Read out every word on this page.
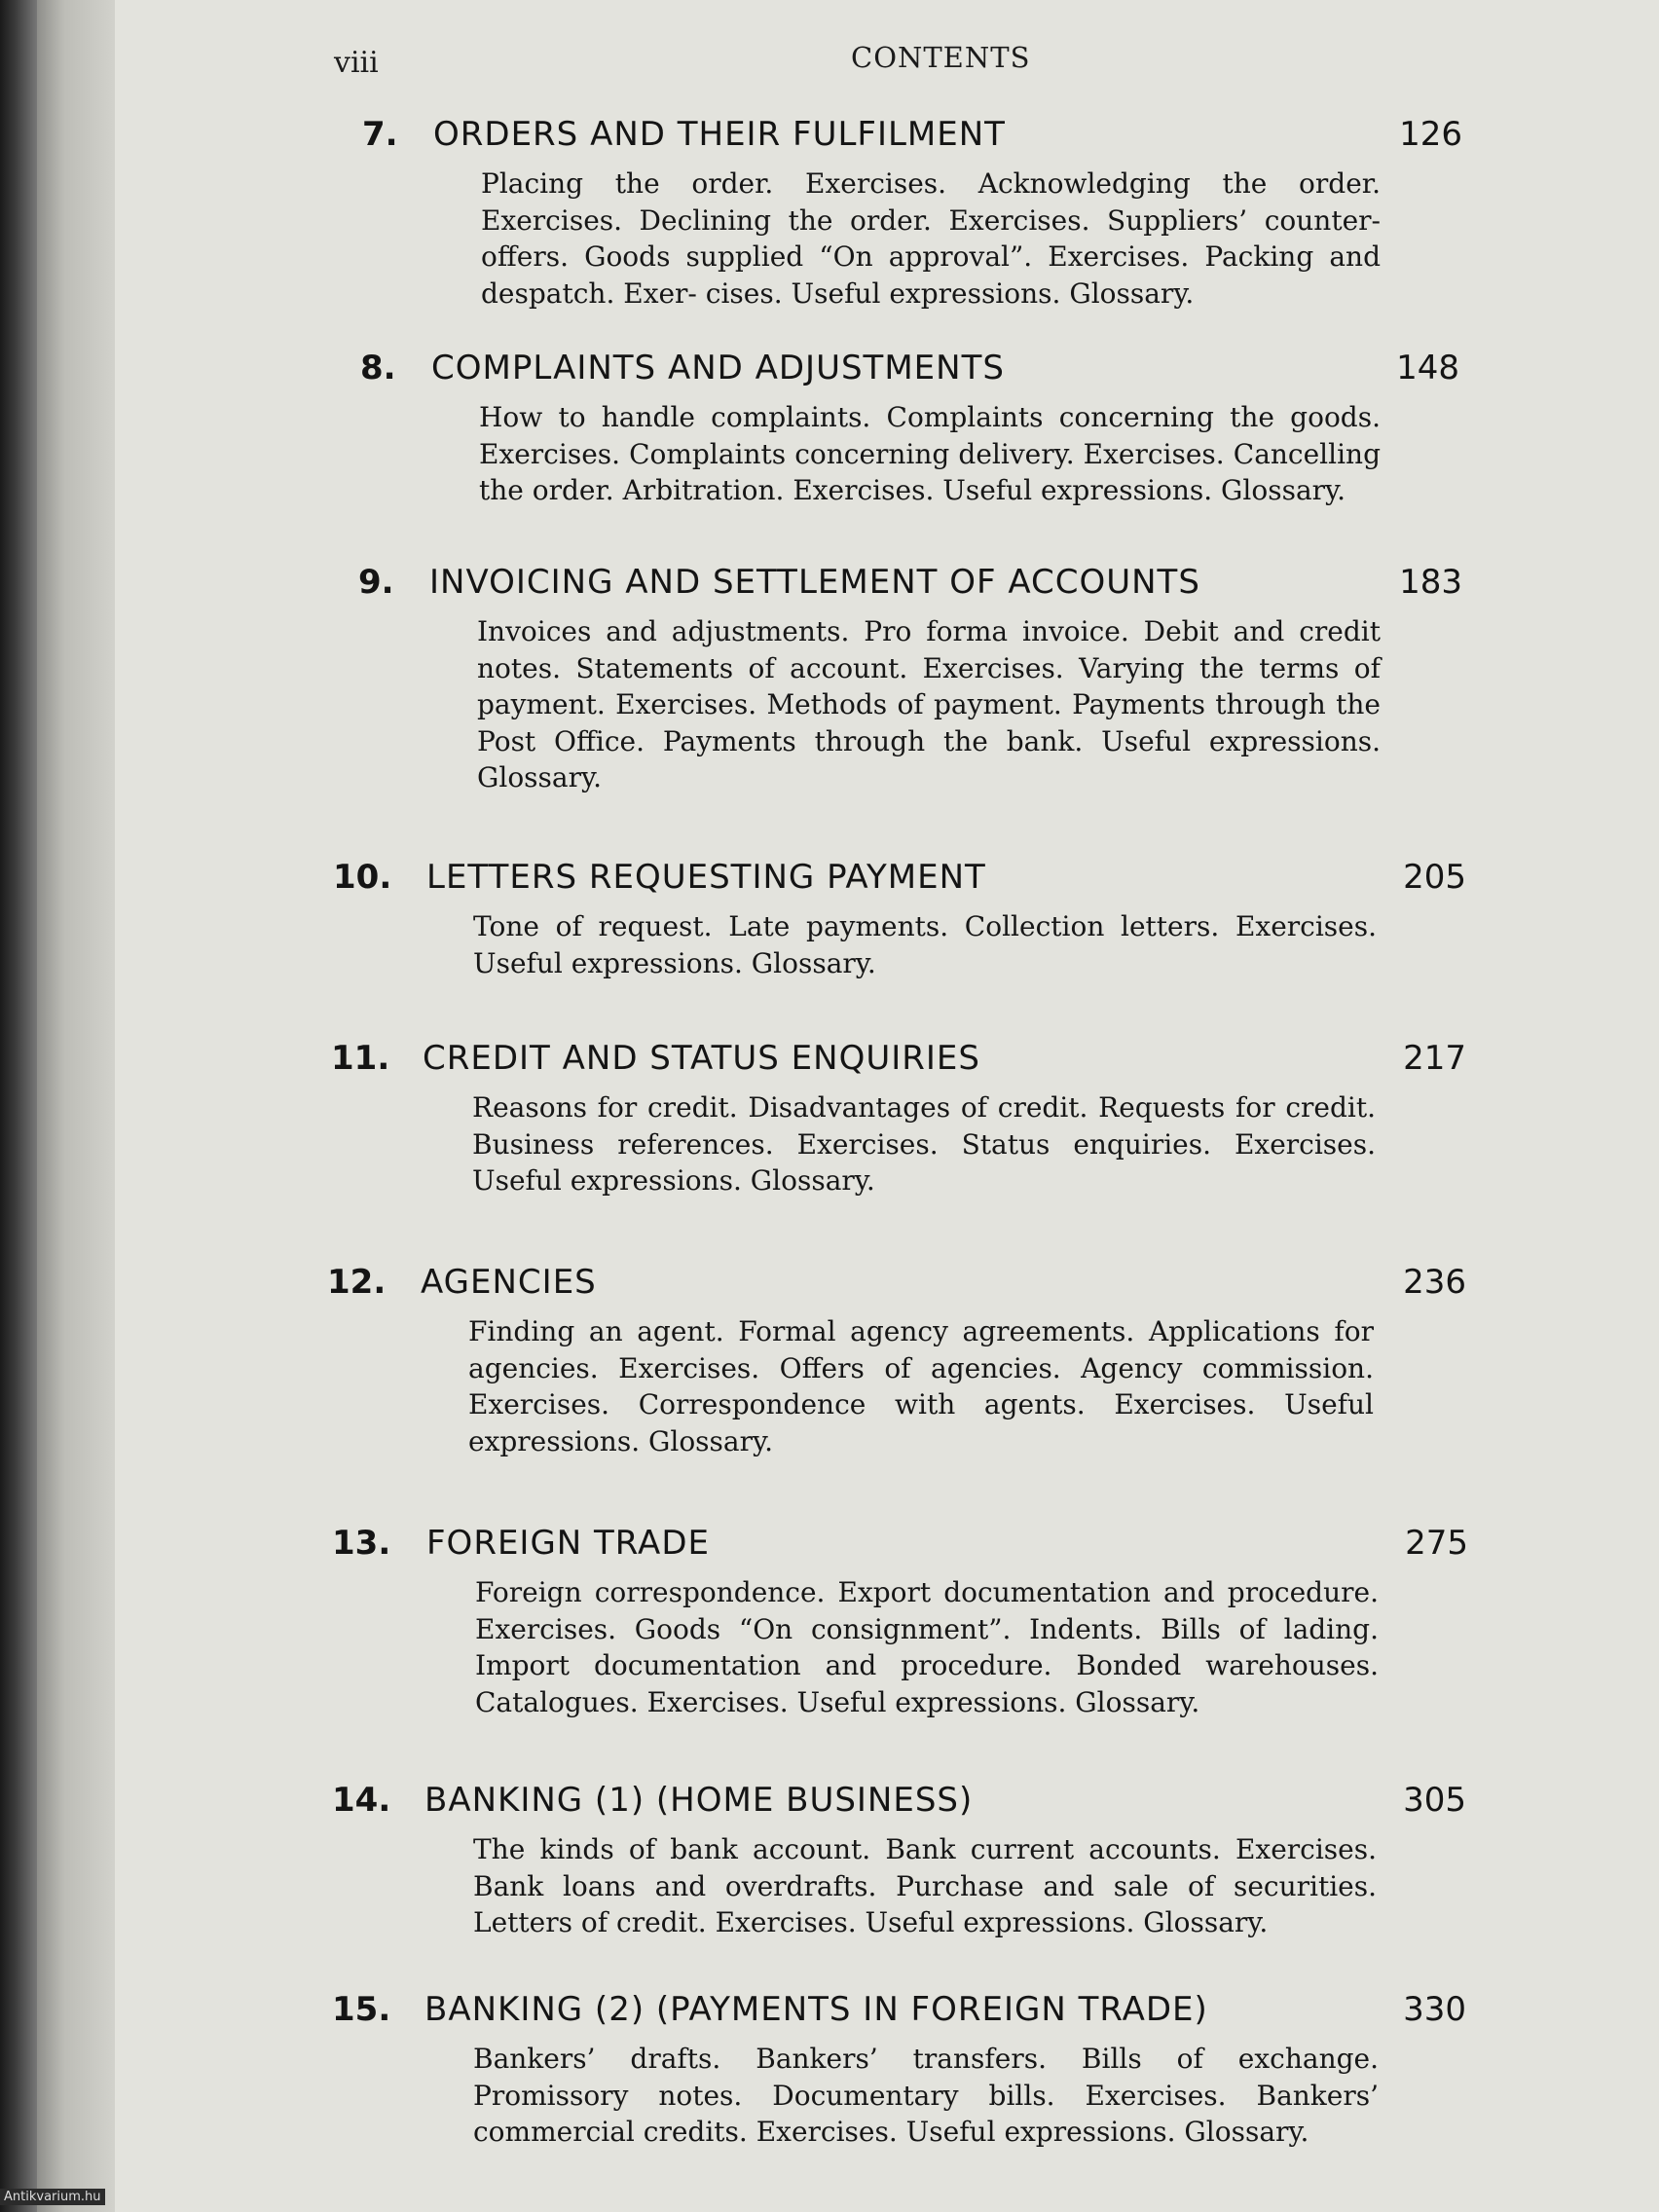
viii	CONTENTS
7. ORDERS AND THEIR FULFILMENT	126
Placing the order. Exercises. Acknowledging the order. Exercises. Declining the order. Exercises. Suppliers’ counter-offers. Goods supplied “On approval”. Exercises. Packing and despatch. Exer- cises. Useful expressions. Glossary.
8. COMPLAINTS AND ADJUSTMENTS	148
How to handle complaints. Complaints concerning the goods. Exercises. Complaints concerning delivery. Exercises. Cancelling the order. Arbitration. Exercises. Useful expressions. Glossary.
9. INVOICING AND SETTLEMENT OF ACCOUNTS	183
Invoices and adjustments. Pro forma invoice. Debit and credit notes. Statements of account. Exercises. Varying the terms of payment. Exercises. Methods of payment. Payments through the Post Office. Payments through the bank. Useful expressions. Glossary.
10. LETTERS REQUESTING PAYMENT	205
Tone of request. Late payments. Collection letters. Exercises. Useful expressions. Glossary.
11. CREDIT AND STATUS ENQUIRIES	217
Reasons for credit. Disadvantages of credit. Requests for credit. Business references. Exercises. Status enquiries. Exercises. Useful expressions. Glossary.
12. AGENCIES	236
Finding an agent. Formal agency agreements. Applications for agencies. Exercises. Offers of agencies. Agency commission. Exercises. Correspondence with agents. Exercises. Useful expressions. Glossary.
13. FOREIGN TRADE	275
Foreign correspondence. Export documentation and procedure. Exercises. Goods “On consignment”. Indents. Bills of lading. Import documentation and procedure. Bonded warehouses. Catalogues. Exercises. Useful expressions. Glossary.
14. BANKING (1) (HOME BUSINESS)	305
The kinds of bank account. Bank current accounts. Exercises. Bank loans and overdrafts. Purchase and sale of securities. Letters of credit. Exercises. Useful expressions. Glossary.
15. BANKING (2) (PAYMENTS IN FOREIGN TRADE)	330
Bankers’ drafts. Bankers’ transfers. Bills of exchange. Promissory notes. Documentary bills. Exercises. Bankers’ commercial credits. Exercises. Useful expressions. Glossary.
Antikvarium.hu
